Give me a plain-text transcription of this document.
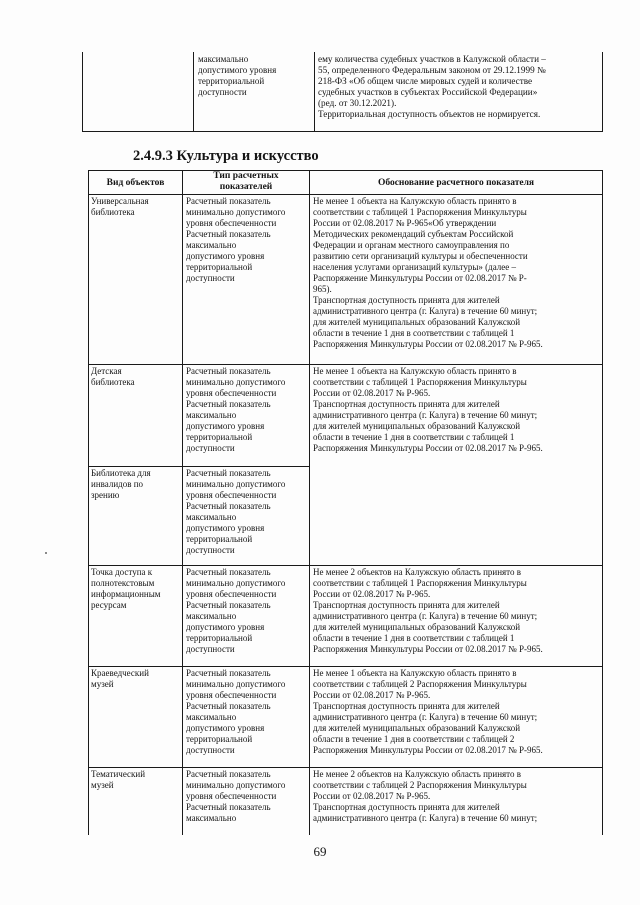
максимально
допустимого уровня
территориальной
доступности
ему количества судебных участков в Калужской области –
55, определенного Федеральным законом от 29.12.1999 №
218-ФЗ «Об общем числе мировых судей и количестве
судебных участков в субъектах Российской Федерации»
(ред. от 30.12.2021).
Территориальная доступность объектов не нормируется.
2.4.9.3 Культура и искусство
Вид объектов
Тип расчетных
показателей	Обоснование расчетного показателя
Универсальная
библиотека
Расчетный показатель
минимально допустимого
уровня обеспеченности
Расчетный показатель
максимально
допустимого уровня
территориальной
доступности
Не менее 1 объекта на Калужскую область принято в
соответствии с таблицей 1 Распоряжения Минкультуры
России от 02.08.2017 № Р-965«Об утверждении
Методических рекомендаций субъектам Российской
Федерации и органам местного самоуправления по
развитию сети организаций культуры и обеспеченности
населения услугами организаций культуры» (далее –
Распоряжение Минкультуры России от 02.08.2017 № Р-
965).
Транспортная доступность принята для жителей
административного центра (г. Калуга) в течение 60 минут;
для жителей муниципальных образований Калужской
области в течение 1 дня в соответствии с таблицей 1
Распоряжения Минкультуры России от 02.08.2017 № Р-965.
Детская
библиотека
Расчетный показатель
минимально допустимого
уровня обеспеченности
Расчетный показатель
максимально
допустимого уровня
территориальной
доступности
Не менее 1 объекта на Калужскую область принято в
соответствии с таблицей 1 Распоряжения Минкультуры
России от 02.08.2017 № Р-965.
Транспортная доступность принята для жителей
административного центра (г. Калуга) в течение 60 минут;
для жителей муниципальных образований Калужской
области в течение 1 дня в соответствии с таблицей 1
Распоряжения Минкультуры России от 02.08.2017 № Р-965.
Библиотека для
инвалидов по
зрению
Расчетный показатель
минимально допустимого
уровня обеспеченности
Расчетный показатель
максимально
допустимого уровня
территориальной
доступности
Точка доступа к
полнотекстовым
информационным
ресурсам
Расчетный показатель
минимально допустимого
уровня обеспеченности
Расчетный показатель
максимально
допустимого уровня
территориальной
доступности
Не менее 2 объектов на Калужскую область принято в
соответствии с таблицей 1 Распоряжения Минкультуры
России от 02.08.2017 № Р-965.
Транспортная доступность принята для жителей
административного центра (г. Калуга) в течение 60 минут;
для жителей муниципальных образований Калужской
области в течение 1 дня в соответствии с таблицей 1
Распоряжения Минкультуры России от 02.08.2017 № Р-965.
Краеведческий
музей
Расчетный показатель
минимально допустимого
уровня обеспеченности
Расчетный показатель
максимально
допустимого уровня
территориальной
доступности
Не менее 1 объекта на Калужскую область принято в
соответствии с таблицей 2 Распоряжения Минкультуры
России от 02.08.2017 № Р-965.
Транспортная доступность принята для жителей
административного центра (г. Калуга) в течение 60 минут;
для жителей муниципальных образований Калужской
области в течение 1 дня в соответствии с таблицей 2
Распоряжения Минкультуры России от 02.08.2017 № Р-965.
Тематический
музей
Расчетный показатель
минимально допустимого
уровня обеспеченности
Расчетный показатель
максимально
Не менее 2 объектов на Калужскую область принято в
соответствии с таблицей 2 Распоряжения Минкультуры
России от 02.08.2017 № Р-965.
Транспортная доступность принята для жителей
административного центра (г. Калуга) в течение 60 минут;
69
